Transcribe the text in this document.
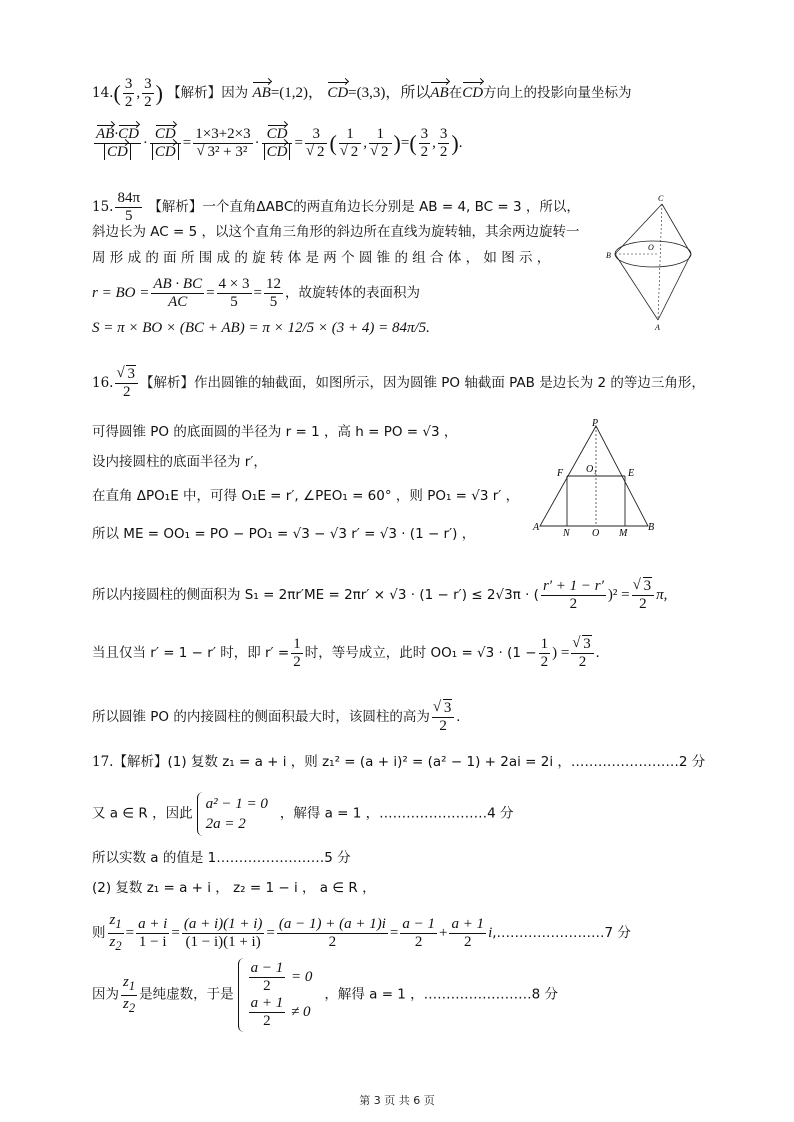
$14.( \frac{3}{2}$ , $\frac{3}{2}$ ) 【解析】因为 AB=(1,2)， CD=(3,3)，所以AB在CD方向上的投影向量坐标为
$\frac{AB\cdot CD}{CD} \cdot \frac{CD}{CD} = 1\times 3+2\times 3$
√ $3^2 + 3^2 \cdot \frac{CD}{CD} = 3$
√ 2 ( 1
√ 2 , 1
√ 2 )=( $\frac{3}{2}$ , $\frac{3}{2}$ ).
15. $\frac{84\pi}{5}$ 【解析】一个直角ΔABC的两直角边长分别是 AB = 4, BC = 3 ，所以，
斜边长为 AC = 5 ，以这个直角三角形的斜边所在直线为旋转轴，其余两边旋转一
周 形 成 的 面 所 围 成 的 旋 转 体 是 两 个 圆 锥 的 组 合 体 ， 如 图 示 ，
r = BO = $\frac{AB \cdot BC}{AC} = \frac{4 \times 3}{5} = \frac{12}{5}$ ，故旋转体的表面积为
S = π × BO × (BC + AB) = π × 12/5 × (3 + 4) = 84π/5.
C
O
B
A
16. √ $\frac{3}{2}$ 【解析】作出圆锥的轴截面，如图所示，因为圆锥 PO 轴截面 PAB 是边长为 2 的等边三角形，
可得圆锥 PO 的底面圆的半径为 r = 1 ，高 h = PO = √3 ，
设内接圆柱的底面半径为 r′，
在直角 ΔPO₁E 中，可得 O₁E = r′, ∠PEO₁ = 60° ，则 PO₁ = √3 r′ ，
所以 ME = OO₁ = PO − PO₁ = √3 − √3 r′ = √3 · (1 − r′) ，
P
F O₁	E
A
N O M
B
所以内接圆柱的侧面积为 S₁ = 2πr′ME = 2πr′ × √3 · (1 − r′) ≤ 2√3π · ( $\frac{r' + 1 - r'}{2} )^2$ = √ $\frac{3}{2} \pi$,
当且仅当 r′ = 1 − r′ 时，即 $r' = \frac{1}{2}$ 时，等号成立，此时 $OO_1 = √3 \cdot (1 - \frac{1}{2}$ ) = √ $\frac{3}{2}$ .
所以圆锥 PO 的内接圆柱的侧面积最大时，该圆柱的高为 √ $\frac{3}{2}$ .
17.【解析】(1) 复数 z₁ = a + i ，则 z₁² = (a + i)² = (a² − 1) + 2ai = 2i ，……………………2 分
又 a ∈ R ，因此
a² − 1 = 0
2a = 2
，解得 a = 1 ，……………………4 分
所以实数 a 的值是 1……………………5 分
(2) 复数 z₁ = a + i ， z₂ = 1 − i ， a ∈ R ，
则 $\frac{z_1}{z_2} = \frac{a + i}{1 - i} = \frac{(a + i)(1 + i)}{(1 - i)(1 + i)} = \frac{(a - 1) + (a + 1)i}{2} = \frac{a - 1}{2} + \frac{a + 1}{2}$ i,……………………7 分
因为 $\frac{z_1}{z_2}$ 是纯虚数，于是 $\frac{a - 1}{2} = 0$
$\frac{a + 1}{2} \ne 0$
，解得 a = 1 ，……………………8 分
第 3 页 共 6 页
